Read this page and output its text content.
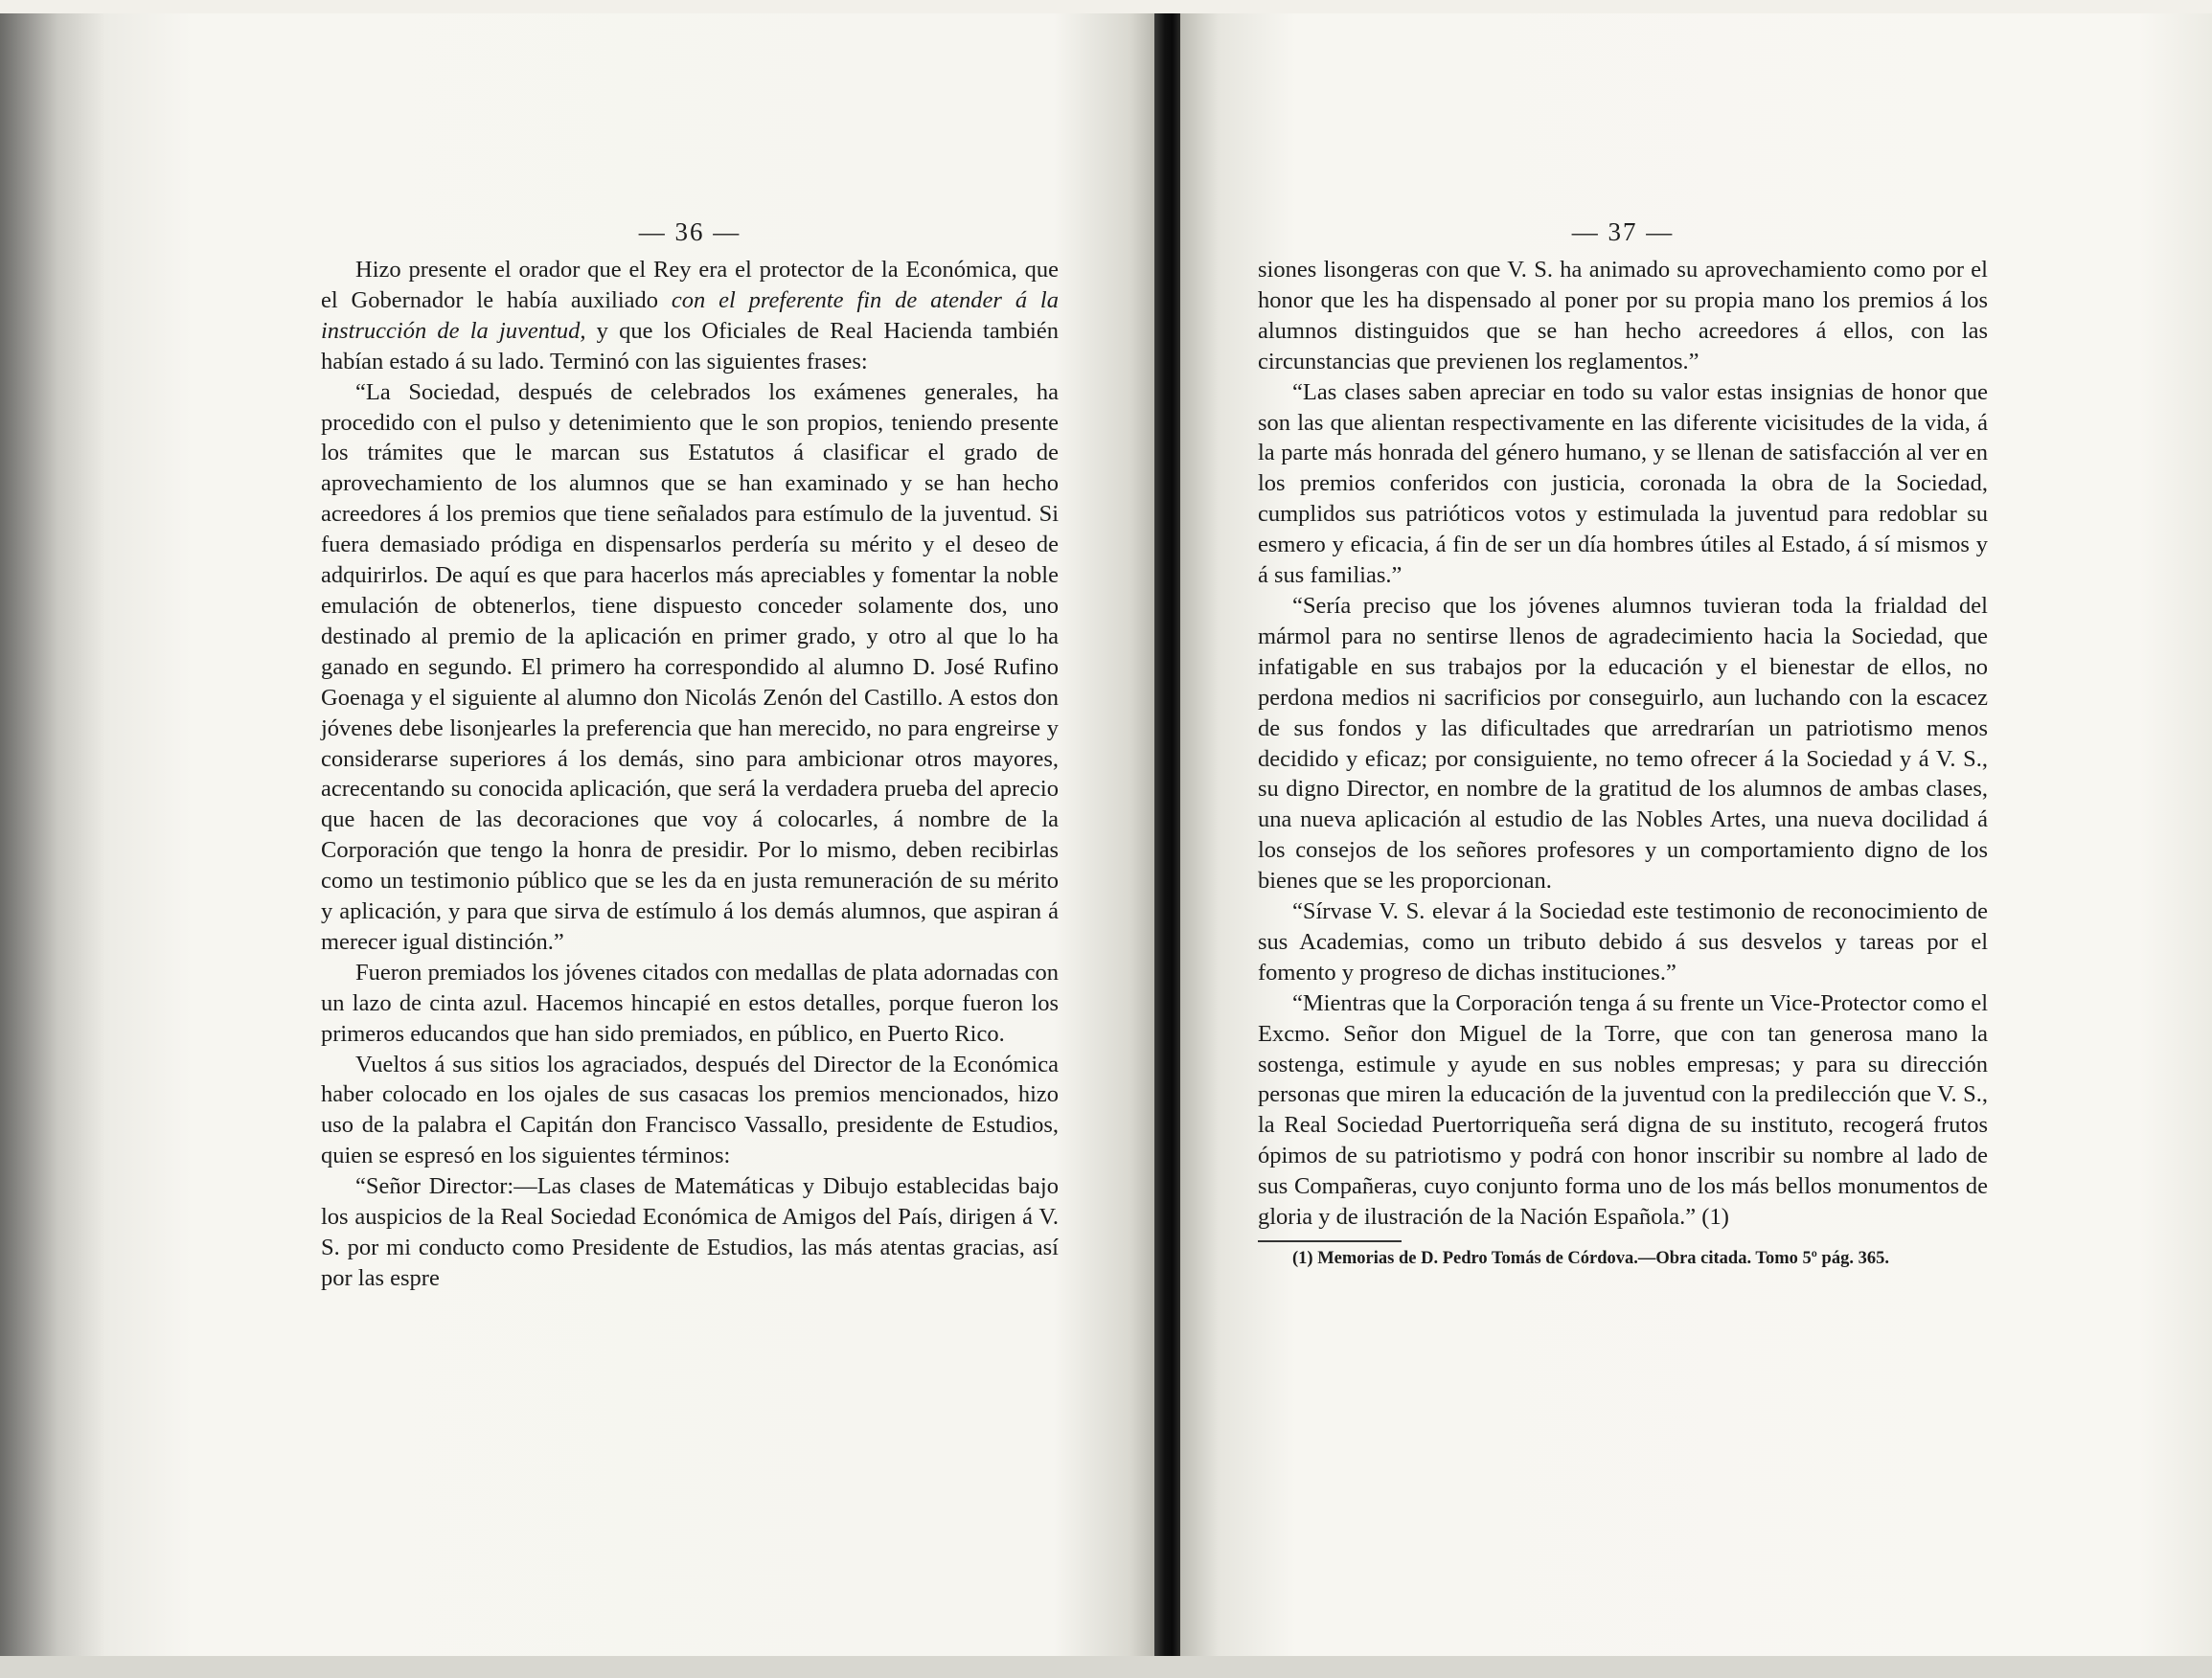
— 36 —

Hizo presente el orador que el Rey era el protector de la Económica, que el Gobernador le había auxiliado con el preferente fin de atender á la instrucción de la juventud, y que los Oficiales de Real Hacienda también habían estado á su lado. Terminó con las siguientes frases:

“La Sociedad, después de celebrados los exámenes generales, ha procedido con el pulso y detenimiento que le son propios, teniendo presente los trámites que le marcan sus Estatutos á clasificar el grado de aprovechamiento de los alumnos que se han examinado y se han hecho acreedores á los premios que tiene señalados para estímulo de la juventud. Si fuera demasiado pródiga en dispensarlos perdería su mérito y el deseo de adquirirlos. De aquí es que para hacerlos más apreciables y fomentar la noble emulación de obtenerlos, tiene dispuesto conceder solamente dos, uno destinado al premio de la aplicación en primer grado, y otro al que lo ha ganado en segundo. El primero ha correspondido al alumno D. José Rufino Goenaga y el siguiente al alumno don Nicolás Zenón del Castillo. A estos don jóvenes debe lisonjearles la preferencia que han merecido, no para engreirse y considerarse superiores á los demás, sino para ambicionar otros mayores, acrecentando su conocida aplicación, que será la verdadera prueba del aprecio que hacen de las decoraciones que voy á colocarles, á nombre de la Corporación que tengo la honra de presidir. Por lo mismo, deben recibirlas como un testimonio público que se les da en justa remuneración de su mérito y aplicación, y para que sirva de estímulo á los demás alumnos, que aspiran á merecer igual distinción.”

Fueron premiados los jóvenes citados con medallas de plata adornadas con un lazo de cinta azul. Hacemos hincapié en estos detalles, porque fueron los primeros educandos que han sido premiados, en público, en Puerto Rico.

Vueltos á sus sitios los agraciados, después del Director de la Económica haber colocado en los ojales de sus casacas los premios mencionados, hizo uso de la palabra el Capitán don Francisco Vassallo, presidente de Estudios, quien se espresó en los siguientes términos:

“Señor Director:—Las clases de Matemáticas y Dibujo establecidas bajo los auspicios de la Real Sociedad Económica de Amigos del País, dirigen á V. S. por mi conducto como Presidente de Estudios, las más atentas gracias, así por las espre

— 37 —

siones lisongeras con que V. S. ha animado su aprovechamiento como por el honor que les ha dispensado al poner por su propia mano los premios á los alumnos distinguidos que se han hecho acreedores á ellos, con las circunstancias que previenen los reglamentos.”

“Las clases saben apreciar en todo su valor estas insignias de honor que son las que alientan respectivamente en las diferente vicisitudes de la vida, á la parte más honrada del género humano, y se llenan de satisfacción al ver en los premios conferidos con justicia, coronada la obra de la Sociedad, cumplidos sus patrióticos votos y estimulada la juventud para redoblar su esmero y eficacia, á fin de ser un día hombres útiles al Estado, á sí mismos y á sus familias.”

“Sería preciso que los jóvenes alumnos tuvieran toda la frialdad del mármol para no sentirse llenos de agradecimiento hacia la Sociedad, que infatigable en sus trabajos por la educación y el bienestar de ellos, no perdona medios ni sacrificios por conseguirlo, aun luchando con la escacez de sus fondos y las dificultades que arredrarían un patriotismo menos decidido y eficaz; por consiguiente, no temo ofrecer á la Sociedad y á V. S., su digno Director, en nombre de la gratitud de los alumnos de ambas clases, una nueva aplicación al estudio de las Nobles Artes, una nueva docilidad á los consejos de los señores profesores y un comportamiento digno de los bienes que se les proporcionan.

“Sírvase V. S. elevar á la Sociedad este testimonio de reconocimiento de sus Academias, como un tributo debido á sus desvelos y tareas por el fomento y progreso de dichas instituciones.”

“Mientras que la Corporación tenga á su frente un Vice-Protector como el Excmo. Señor don Miguel de la Torre, que con tan generosa mano la sostenga, estimule y ayude en sus nobles empresas; y para su dirección personas que miren la educación de la juventud con la predilección que V. S., la Real Sociedad Puertorriqueña será digna de su instituto, recogerá frutos ópimos de su patriotismo y podrá con honor inscribir su nombre al lado de sus Compañeras, cuyo conjunto forma uno de los más bellos monumentos de gloria y de ilustración de la Nación Española.” (1)

(1) Memorias de D. Pedro Tomás de Córdova.—Obra citada. Tomo 5º pág. 365.
